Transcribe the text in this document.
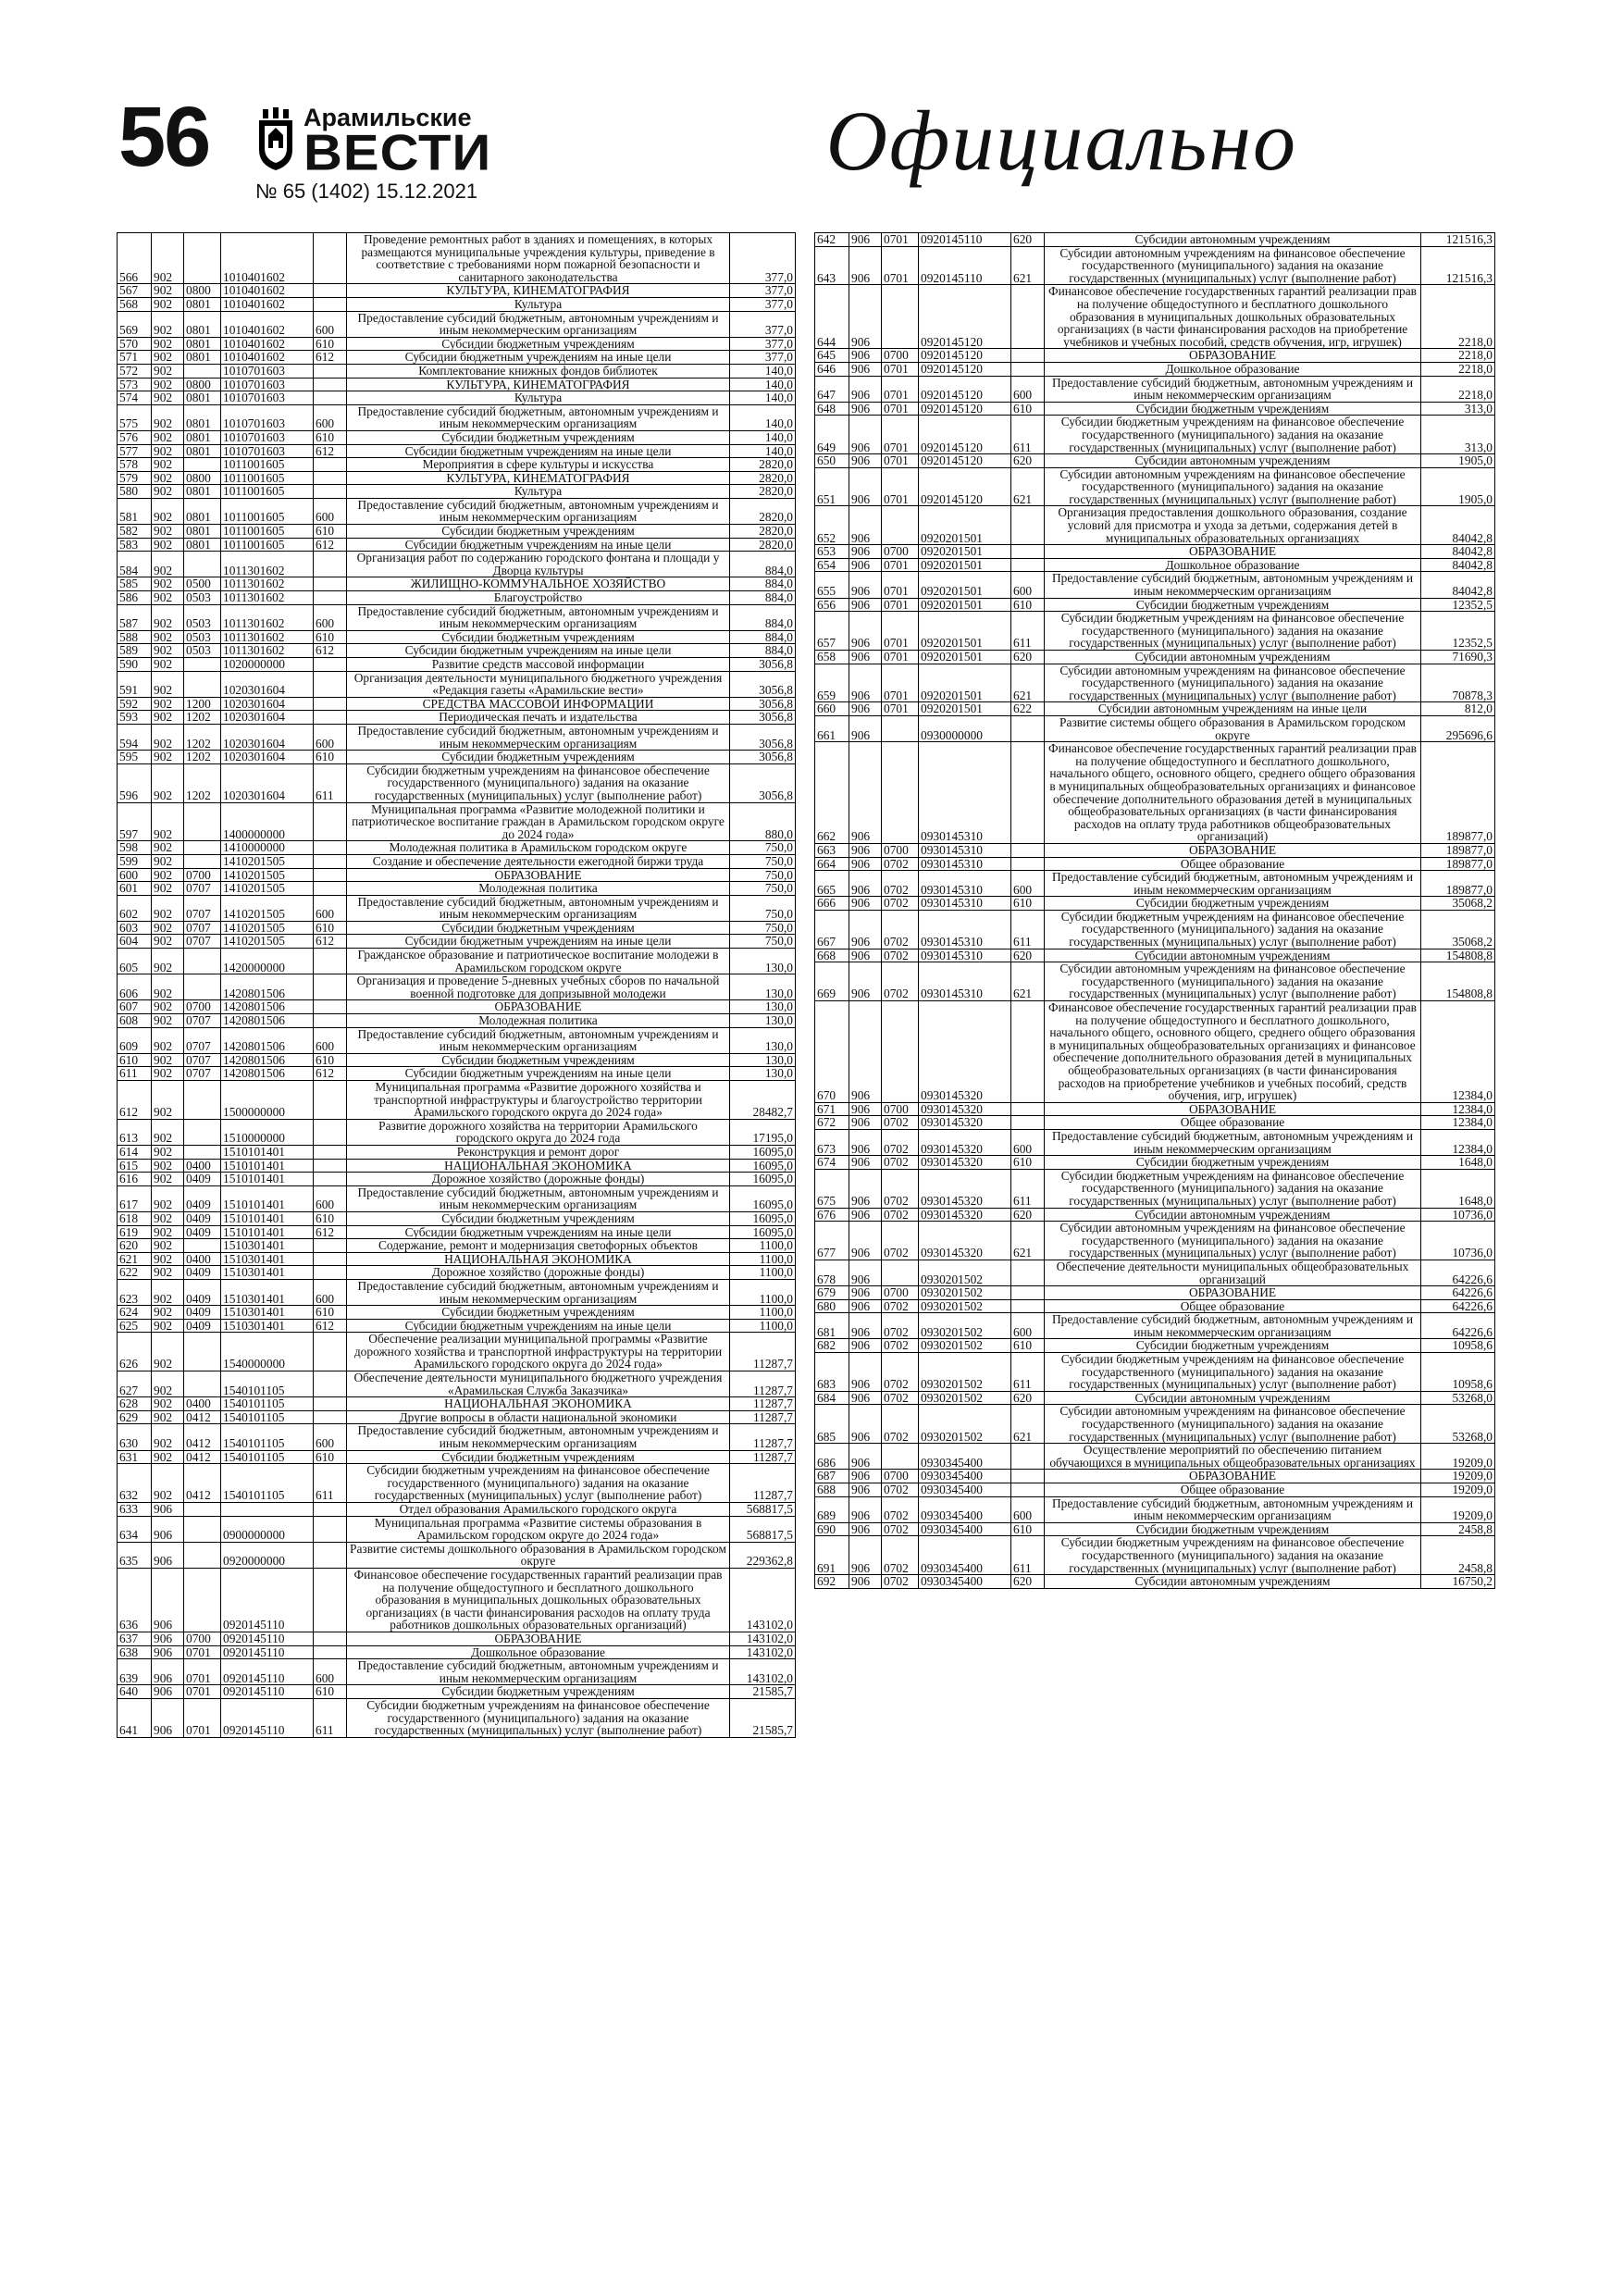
56	Арамильские
ВЕСТИ
№ 65 (1402) 15.12.2021
Официально
566	902		1010401602		Проведение ремонтных работ в зданиях и помещениях, в которых размещаются муниципальные учреждения культуры, приведение в соответствие с требованиями норм пожарной безопасности и санитарного законодательства	377,0
567	902	0800	1010401602		КУЛЬТУРА, КИНЕМАТОГРАФИЯ	377,0
568	902	0801	1010401602		Культура	377,0
569	902	0801	1010401602	600	Предоставление субсидий бюджетным, автономным учреждениям и иным некоммерческим организациям	377,0
570	902	0801	1010401602	610	Субсидии бюджетным учреждениям	377,0
571	902	0801	1010401602	612	Субсидии бюджетным учреждениям на иные цели	377,0
572	902		1010701603		Комплектование книжных фондов библиотек	140,0
573	902	0800	1010701603		КУЛЬТУРА, КИНЕМАТОГРАФИЯ	140,0
574	902	0801	1010701603		Культура	140,0
575	902	0801	1010701603	600	Предоставление субсидий бюджетным, автономным учреждениям и иным некоммерческим организациям	140,0
576	902	0801	1010701603	610	Субсидии бюджетным учреждениям	140,0
577	902	0801	1010701603	612	Субсидии бюджетным учреждениям на иные цели	140,0
578	902		1011001605		Мероприятия в сфере культуры и искусства	2820,0
579	902	0800	1011001605		КУЛЬТУРА, КИНЕМАТОГРАФИЯ	2820,0
580	902	0801	1011001605		Культура	2820,0
581	902	0801	1011001605	600	Предоставление субсидий бюджетным, автономным учреждениям и иным некоммерческим организациям	2820,0
582	902	0801	1011001605	610	Субсидии бюджетным учреждениям	2820,0
583	902	0801	1011001605	612	Субсидии бюджетным учреждениям на иные цели	2820,0
584	902		1011301602		Организация работ по содержанию городского фонтана и площади у Дворца культуры	884,0
585	902	0500	1011301602		ЖИЛИЩНО-КОММУНАЛЬНОЕ ХОЗЯЙСТВО	884,0
586	902	0503	1011301602		Благоустройство	884,0
587	902	0503	1011301602	600	Предоставление субсидий бюджетным, автономным учреждениям и иным некоммерческим организациям	884,0
588	902	0503	1011301602	610	Субсидии бюджетным учреждениям	884,0
589	902	0503	1011301602	612	Субсидии бюджетным учреждениям на иные цели	884,0
590	902		1020000000		Развитие средств массовой информации	3056,8
591	902		1020301604		Организация деятельности муниципального бюджетного учреждения «Редакция газеты «Арамильские вести»	3056,8
592	902	1200	1020301604		СРЕДСТВА МАССОВОЙ ИНФОРМАЦИИ	3056,8
593	902	1202	1020301604		Периодическая печать и издательства	3056,8
594	902	1202	1020301604	600	Предоставление субсидий бюджетным, автономным учреждениям и иным некоммерческим организациям	3056,8
595	902	1202	1020301604	610	Субсидии бюджетным учреждениям	3056,8
596	902	1202	1020301604	611	Субсидии бюджетным учреждениям на финансовое обеспечение государственного (муниципального) задания на оказание государственных (муниципальных) услуг (выполнение работ)	3056,8
597	902		1400000000		Муниципальная программа «Развитие молодежной политики и патриотическое воспитание граждан в Арамильском городском округе до 2024 года»	880,0
598	902		1410000000		Молодежная политика в Арамильском городском округе	750,0
599	902		1410201505		Создание и обеспечение деятельности ежегодной биржи труда	750,0
600	902	0700	1410201505		ОБРАЗОВАНИЕ	750,0
601	902	0707	1410201505		Молодежная политика	750,0
602	902	0707	1410201505	600	Предоставление субсидий бюджетным, автономным учреждениям и иным некоммерческим организациям	750,0
603	902	0707	1410201505	610	Субсидии бюджетным учреждениям	750,0
604	902	0707	1410201505	612	Субсидии бюджетным учреждениям на иные цели	750,0
605	902		1420000000		Гражданское образование и патриотическое воспитание молодежи в Арамильском городском округе	130,0
606	902		1420801506		Организация и проведение 5-дневных учебных сборов по начальной военной подготовке для допризывной молодежи	130,0
607	902	0700	1420801506		ОБРАЗОВАНИЕ	130,0
608	902	0707	1420801506		Молодежная политика	130,0
609	902	0707	1420801506	600	Предоставление субсидий бюджетным, автономным учреждениям и иным некоммерческим организациям	130,0
610	902	0707	1420801506	610	Субсидии бюджетным учреждениям	130,0
611	902	0707	1420801506	612	Субсидии бюджетным учреждениям на иные цели	130,0
612	902		1500000000		Муниципальная программа «Развитие дорожного хозяйства и транспортной инфраструктуры и благоустройство территории Арамильского городского округа до 2024 года»	28482,7
613	902		1510000000		Развитие дорожного хозяйства на территории Арамильского городского округа до 2024 года	17195,0
614	902		1510101401		Реконструкция и ремонт дорог	16095,0
615	902	0400	1510101401		НАЦИОНАЛЬНАЯ ЭКОНОМИКА	16095,0
616	902	0409	1510101401		Дорожное хозяйство (дорожные фонды)	16095,0
617	902	0409	1510101401	600	Предоставление субсидий бюджетным, автономным учреждениям и иным некоммерческим организациям	16095,0
618	902	0409	1510101401	610	Субсидии бюджетным учреждениям	16095,0
619	902	0409	1510101401	612	Субсидии бюджетным учреждениям на иные цели	16095,0
620	902		1510301401		Содержание, ремонт и модернизация светофорных объектов	1100,0
621	902	0400	1510301401		НАЦИОНАЛЬНАЯ ЭКОНОМИКА	1100,0
622	902	0409	1510301401		Дорожное хозяйство (дорожные фонды)	1100,0
623	902	0409	1510301401	600	Предоставление субсидий бюджетным, автономным учреждениям и иным некоммерческим организациям	1100,0
624	902	0409	1510301401	610	Субсидии бюджетным учреждениям	1100,0
625	902	0409	1510301401	612	Субсидии бюджетным учреждениям на иные цели	1100,0
626	902		1540000000		Обеспечение реализации муниципальной программы «Развитие дорожного хозяйства и транспортной инфраструктуры на территории Арамильского городского округа до 2024 года»	11287,7
627	902		1540101105		Обеспечение деятельности муниципального бюджетного учреждения «Арамильская Служба Заказчика»	11287,7
628	902	0400	1540101105		НАЦИОНАЛЬНАЯ ЭКОНОМИКА	11287,7
629	902	0412	1540101105		Другие вопросы в области национальной экономики	11287,7
630	902	0412	1540101105	600	Предоставление субсидий бюджетным, автономным учреждениям и иным некоммерческим организациям	11287,7
631	902	0412	1540101105	610	Субсидии бюджетным учреждениям	11287,7
632	902	0412	1540101105	611	Субсидии бюджетным учреждениям на финансовое обеспечение государственного (муниципального) задания на оказание государственных (муниципальных) услуг (выполнение работ)	11287,7
633	906				Отдел образования Арамильского городского округа	568817,5
634	906		0900000000		Муниципальная программа «Развитие системы образования в Арамильском городском округе до 2024 года»	568817,5
635	906		0920000000		Развитие системы дошкольного образования в Арамильском городском округе	229362,8
636	906		0920145110		Финансовое обеспечение государственных гарантий реализации прав на получение общедоступного и бесплатного дошкольного образования в муниципальных дошкольных образовательных организациях (в части финансирования расходов на оплату труда работников дошкольных образовательных организаций)	143102,0
637	906	0700	0920145110		ОБРАЗОВАНИЕ	143102,0
638	906	0701	0920145110		Дошкольное образование	143102,0
639	906	0701	0920145110	600	Предоставление субсидий бюджетным, автономным учреждениям и иным некоммерческим организациям	143102,0
640	906	0701	0920145110	610	Субсидии бюджетным учреждениям	21585,7
641	906	0701	0920145110	611	Субсидии бюджетным учреждениям на финансовое обеспечение государственного (муниципального) задания на оказание государственных (муниципальных) услуг (выполнение работ)	21585,7
642	906	0701	0920145110	620	Субсидии автономным учреждениям	121516,3
643	906	0701	0920145110	621	Субсидии автономным учреждениям на финансовое обеспечение государственного (муниципального) задания на оказание государственных (муниципальных) услуг (выполнение работ)	121516,3
644	906		0920145120		Финансовое обеспечение государственных гарантий реализации прав на получение общедоступного и бесплатного дошкольного образования в муниципальных дошкольных образовательных организациях (в части финансирования расходов на приобретение учебников и учебных пособий, средств обучения, игр, игрушек)	2218,0
645	906	0700	0920145120		ОБРАЗОВАНИЕ	2218,0
646	906	0701	0920145120		Дошкольное образование	2218,0
647	906	0701	0920145120	600	Предоставление субсидий бюджетным, автономным учреждениям и иным некоммерческим организациям	2218,0
648	906	0701	0920145120	610	Субсидии бюджетным учреждениям	313,0
649	906	0701	0920145120	611	Субсидии бюджетным учреждениям на финансовое обеспечение государственного (муниципального) задания на оказание государственных (муниципальных) услуг (выполнение работ)	313,0
650	906	0701	0920145120	620	Субсидии автономным учреждениям	1905,0
651	906	0701	0920145120	621	Субсидии автономным учреждениям на финансовое обеспечение государственного (муниципального) задания на оказание государственных (муниципальных) услуг (выполнение работ)	1905,0
652	906		0920201501		Организация предоставления дошкольного образования, создание условий для присмотра и ухода за детьми, содержания детей в муниципальных образовательных организациях	84042,8
653	906	0700	0920201501		ОБРАЗОВАНИЕ	84042,8
654	906	0701	0920201501		Дошкольное образование	84042,8
655	906	0701	0920201501	600	Предоставление субсидий бюджетным, автономным учреждениям и иным некоммерческим организациям	84042,8
656	906	0701	0920201501	610	Субсидии бюджетным учреждениям	12352,5
657	906	0701	0920201501	611	Субсидии бюджетным учреждениям на финансовое обеспечение государственного (муниципального) задания на оказание государственных (муниципальных) услуг (выполнение работ)	12352,5
658	906	0701	0920201501	620	Субсидии автономным учреждениям	71690,3
659	906	0701	0920201501	621	Субсидии автономным учреждениям на финансовое обеспечение государственного (муниципального) задания на оказание государственных (муниципальных) услуг (выполнение работ)	70878,3
660	906	0701	0920201501	622	Субсидии автономным учреждениям на иные цели	812,0
661	906		0930000000		Развитие системы общего образования в Арамильском городском округе	295696,6
662	906		0930145310		Финансовое обеспечение государственных гарантий реализации прав на получение общедоступного и бесплатного дошкольного, начального общего, основного общего, среднего общего образования в муниципальных общеобразовательных организациях и финансовое обеспечение дополнительного образования детей в муниципальных общеобразовательных организациях (в части финансирования расходов на оплату труда работников общеобразовательных организаций)	189877,0
663	906	0700	0930145310		ОБРАЗОВАНИЕ	189877,0
664	906	0702	0930145310		Общее образование	189877,0
665	906	0702	0930145310	600	Предоставление субсидий бюджетным, автономным учреждениям и иным некоммерческим организациям	189877,0
666	906	0702	0930145310	610	Субсидии бюджетным учреждениям	35068,2
667	906	0702	0930145310	611	Субсидии бюджетным учреждениям на финансовое обеспечение государственного (муниципального) задания на оказание государственных (муниципальных) услуг (выполнение работ)	35068,2
668	906	0702	0930145310	620	Субсидии автономным учреждениям	154808,8
669	906	0702	0930145310	621	Субсидии автономным учреждениям на финансовое обеспечение государственного (муниципального) задания на оказание государственных (муниципальных) услуг (выполнение работ)	154808,8
670	906		0930145320		Финансовое обеспечение государственных гарантий реализации прав на получение общедоступного и бесплатного дошкольного, начального общего, основного общего, среднего общего образования в муниципальных общеобразовательных организациях и финансовое обеспечение дополнительного образования детей в муниципальных общеобразовательных организациях (в части финансирования расходов на приобретение учебников и учебных пособий, средств обучения, игр, игрушек)	12384,0
671	906	0700	0930145320		ОБРАЗОВАНИЕ	12384,0
672	906	0702	0930145320		Общее образование	12384,0
673	906	0702	0930145320	600	Предоставление субсидий бюджетным, автономным учреждениям и иным некоммерческим организациям	12384,0
674	906	0702	0930145320	610	Субсидии бюджетным учреждениям	1648,0
675	906	0702	0930145320	611	Субсидии бюджетным учреждениям на финансовое обеспечение государственного (муниципального) задания на оказание государственных (муниципальных) услуг (выполнение работ)	1648,0
676	906	0702	0930145320	620	Субсидии автономным учреждениям	10736,0
677	906	0702	0930145320	621	Субсидии автономным учреждениям на финансовое обеспечение государственного (муниципального) задания на оказание государственных (муниципальных) услуг (выполнение работ)	10736,0
678	906		0930201502		Обеспечение деятельности муниципальных общеобразовательных организаций	64226,6
679	906	0700	0930201502		ОБРАЗОВАНИЕ	64226,6
680	906	0702	0930201502		Общее образование	64226,6
681	906	0702	0930201502	600	Предоставление субсидий бюджетным, автономным учреждениям и иным некоммерческим организациям	64226,6
682	906	0702	0930201502	610	Субсидии бюджетным учреждениям	10958,6
683	906	0702	0930201502	611	Субсидии бюджетным учреждениям на финансовое обеспечение государственного (муниципального) задания на оказание государственных (муниципальных) услуг (выполнение работ)	10958,6
684	906	0702	0930201502	620	Субсидии автономным учреждениям	53268,0
685	906	0702	0930201502	621	Субсидии автономным учреждениям на финансовое обеспечение государственного (муниципального) задания на оказание государственных (муниципальных) услуг (выполнение работ)	53268,0
686	906		0930345400		Осуществление мероприятий по обеспечению питанием обучающихся в муниципальных общеобразовательных организациях	19209,0
687	906	0700	0930345400		ОБРАЗОВАНИЕ	19209,0
688	906	0702	0930345400		Общее образование	19209,0
689	906	0702	0930345400	600	Предоставление субсидий бюджетным, автономным учреждениям и иным некоммерческим организациям	19209,0
690	906	0702	0930345400	610	Субсидии бюджетным учреждениям	2458,8
691	906	0702	0930345400	611	Субсидии бюджетным учреждениям на финансовое обеспечение государственного (муниципального) задания на оказание государственных (муниципальных) услуг (выполнение работ)	2458,8
692	906	0702	0930345400	620	Субсидии автономным учреждениям	16750,2
